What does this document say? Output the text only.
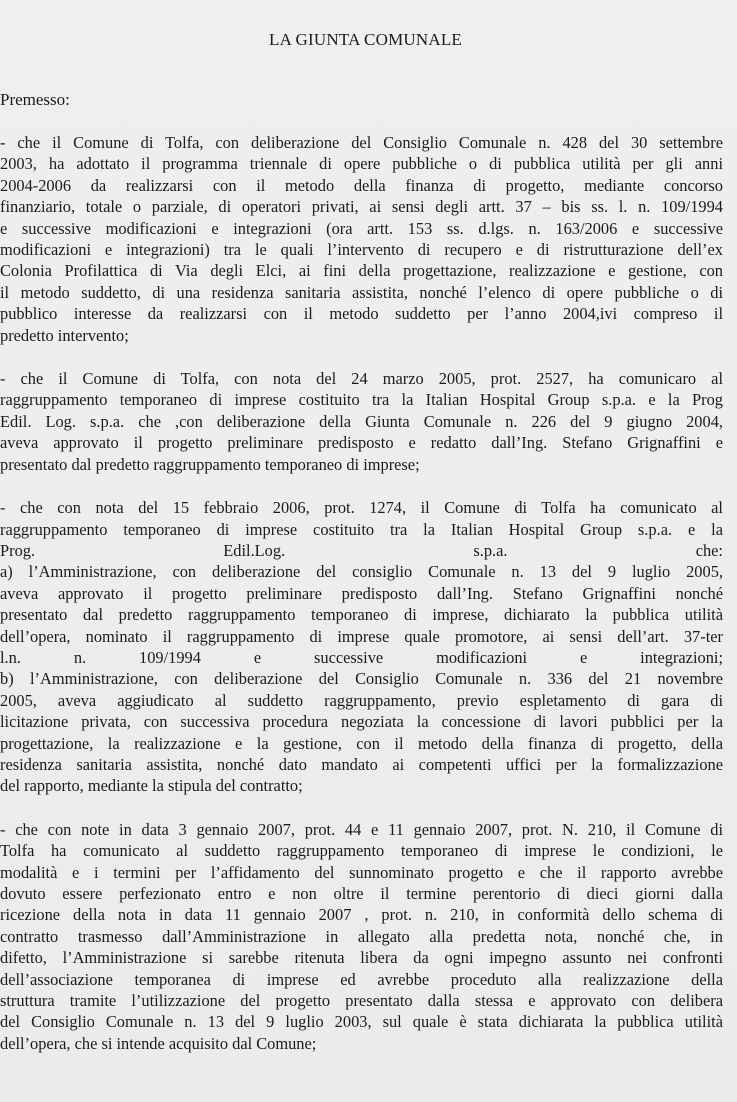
LA GIUNTA COMUNALE
Premesso:
- che il Comune di Tolfa, con deliberazione del Consiglio Comunale n. 428 del 30 settembre
2003, ha adottato il programma triennale di opere pubbliche o di pubblica utilità per gli anni
2004-2006 da realizzarsi con il metodo della finanza di progetto, mediante concorso
finanziario, totale o parziale, di operatori privati, ai sensi degli artt. 37 – bis ss. l. n. 109/1994
e successive modificazioni e integrazioni (ora artt. 153 ss. d.lgs. n. 163/2006 e successive
modificazioni e integrazioni) tra le quali l’intervento di recupero e di ristrutturazione dell’ex
Colonia Profilattica di Via degli Elci, ai fini della progettazione, realizzazione e gestione, con
il metodo suddetto, di una residenza sanitaria assistita, nonché l’elenco di opere pubbliche o di
pubblico interesse da realizzarsi con il metodo suddetto per l’anno 2004,ivi compreso il
predetto intervento;
- che il Comune di Tolfa, con nota del 24 marzo 2005, prot. 2527, ha comunicaro al
raggruppamento temporaneo di imprese costituito tra la Italian Hospital Group s.p.a. e la Prog
Edil. Log. s.p.a. che ,con deliberazione della Giunta Comunale n. 226 del 9 giugno 2004,
aveva approvato il progetto preliminare predisposto e redatto dall’Ing. Stefano Grignaffini e
presentato dal predetto raggruppamento temporaneo di imprese;
- che con nota del 15 febbraio 2006, prot. 1274, il Comune di Tolfa ha comunicato al
raggruppamento temporaneo di imprese costituito tra la Italian Hospital Group s.p.a. e la
Prog. Edil.Log. s.p.a. che:
a) l’Amministrazione, con deliberazione del consiglio Comunale n. 13 del 9 luglio 2005,
aveva approvato il progetto preliminare predisposto dall’Ing. Stefano Grignaffini nonché
presentato dal predetto raggruppamento temporaneo di imprese, dichiarato la pubblica utilità
dell’opera, nominato il raggruppamento di imprese quale promotore, ai sensi dell’art. 37-ter
l.n. n. 109/1994 e successive modificazioni e integrazioni;
b) l’Amministrazione, con deliberazione del Consiglio Comunale n. 336 del 21 novembre
2005, aveva aggiudicato al suddetto raggruppamento, previo espletamento di gara di
licitazione privata, con successiva procedura negoziata la concessione di lavori pubblici per la
progettazione, la realizzazione e la gestione, con il metodo della finanza di progetto, della
residenza sanitaria assistita, nonché dato mandato ai competenti uffici per la formalizzazione
del rapporto, mediante la stipula del contratto;
- che con note in data 3 gennaio 2007, prot. 44 e 11 gennaio 2007, prot. N. 210, il Comune di
Tolfa ha comunicato al suddetto raggruppamento temporaneo di imprese le condizioni, le
modalità e i termini per l’affidamento del sunnominato progetto e che il rapporto avrebbe
dovuto essere perfezionato entro e non oltre il termine perentorio di dieci giorni dalla
ricezione della nota in data 11 gennaio 2007 , prot. n. 210, in conformità dello schema di
contratto trasmesso dall’Amministrazione in allegato alla predetta nota, nonché che, in
difetto, l’Amministrazione si sarebbe ritenuta libera da ogni impegno assunto nei confronti
dell’associazione temporanea di imprese ed avrebbe proceduto alla realizzazione della
struttura tramite l’utilizzazione del progetto presentato dalla stessa e approvato con delibera
del Consiglio Comunale n. 13 del 9 luglio 2003, sul quale è stata dichiarata la pubblica utilità
dell’opera, che si intende acquisito dal Comune;
